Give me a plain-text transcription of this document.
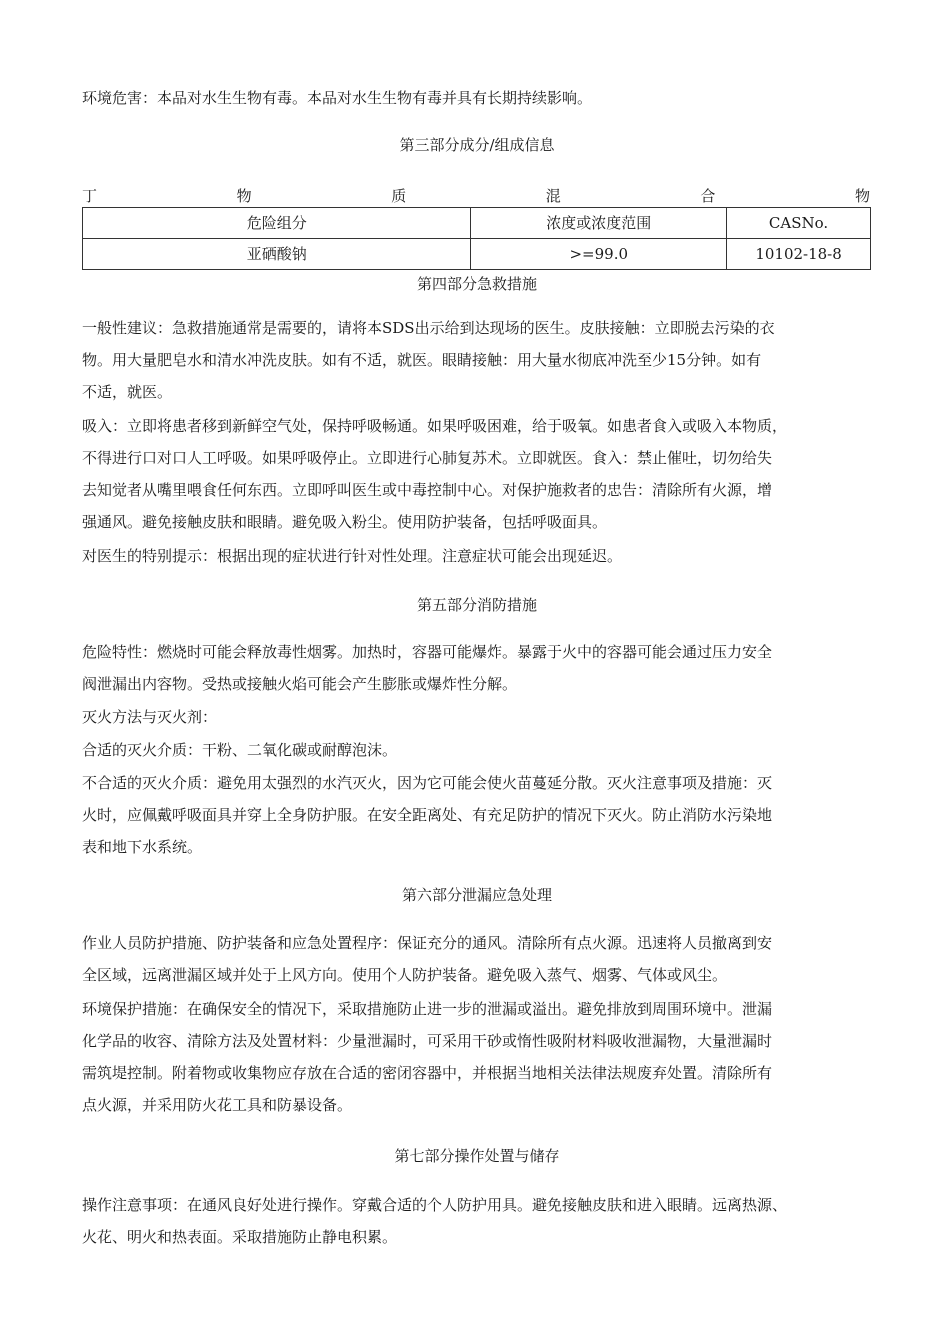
环境危害：本品对水生生物有毒。本品对水生生物有毒并具有长期持续影响。

第三部分成分/组成信息

丁	物	质	混	合	物
危险组分	浓度或浓度范围	CASNo.
亚硒酸钠	>=99.0	10102-18-8

第四部分急救措施

一般性建议：急救措施通常是需要的，请将本SDS出示给到达现场的医生。皮肤接触：立即脱去污染的衣
物。用大量肥皂水和清水冲洗皮肤。如有不适，就医。眼睛接触：用大量水彻底冲洗至少15分钟。如有
不适，就医。

吸入：立即将患者移到新鲜空气处，保持呼吸畅通。如果呼吸困难，给于吸氧。如患者食入或吸入本物质，
不得进行口对口人工呼吸。如果呼吸停止。立即进行心肺复苏术。立即就医。食入：禁止催吐，切勿给失
去知觉者从嘴里喂食任何东西。立即呼叫医生或中毒控制中心。对保护施救者的忠告：清除所有火源，增
强通风。避免接触皮肤和眼睛。避免吸入粉尘。使用防护装备，包括呼吸面具。

对医生的特别提示：根据出现的症状进行针对性处理。注意症状可能会出现延迟。

第五部分消防措施

危险特性：燃烧时可能会释放毒性烟雾。加热时，容器可能爆炸。暴露于火中的容器可能会通过压力安全
阀泄漏出内容物。受热或接触火焰可能会产生膨胀或爆炸性分解。

灭火方法与灭火剂：

合适的灭火介质：干粉、二氧化碳或耐醇泡沫。

不合适的灭火介质：避免用太强烈的水汽灭火，因为它可能会使火苗蔓延分散。灭火注意事项及措施：灭
火时，应佩戴呼吸面具并穿上全身防护服。在安全距离处、有充足防护的情况下灭火。防止消防水污染地
表和地下水系统。

第六部分泄漏应急处理

作业人员防护措施、防护装备和应急处置程序：保证充分的通风。清除所有点火源。迅速将人员撤离到安
全区域，远离泄漏区域并处于上风方向。使用个人防护装备。避免吸入蒸气、烟雾、气体或风尘。

环境保护措施：在确保安全的情况下，采取措施防止进一步的泄漏或溢出。避免排放到周围环境中。泄漏
化学品的收容、清除方法及处置材料：少量泄漏时，可采用干砂或惰性吸附材料吸收泄漏物，大量泄漏时
需筑堤控制。附着物或收集物应存放在合适的密闭容器中，并根据当地相关法律法规废弃处置。清除所有
点火源，并采用防火花工具和防暴设备。

第七部分操作处置与储存

操作注意事项：在通风良好处进行操作。穿戴合适的个人防护用具。避免接触皮肤和进入眼睛。远离热源、
火花、明火和热表面。采取措施防止静电积累。
